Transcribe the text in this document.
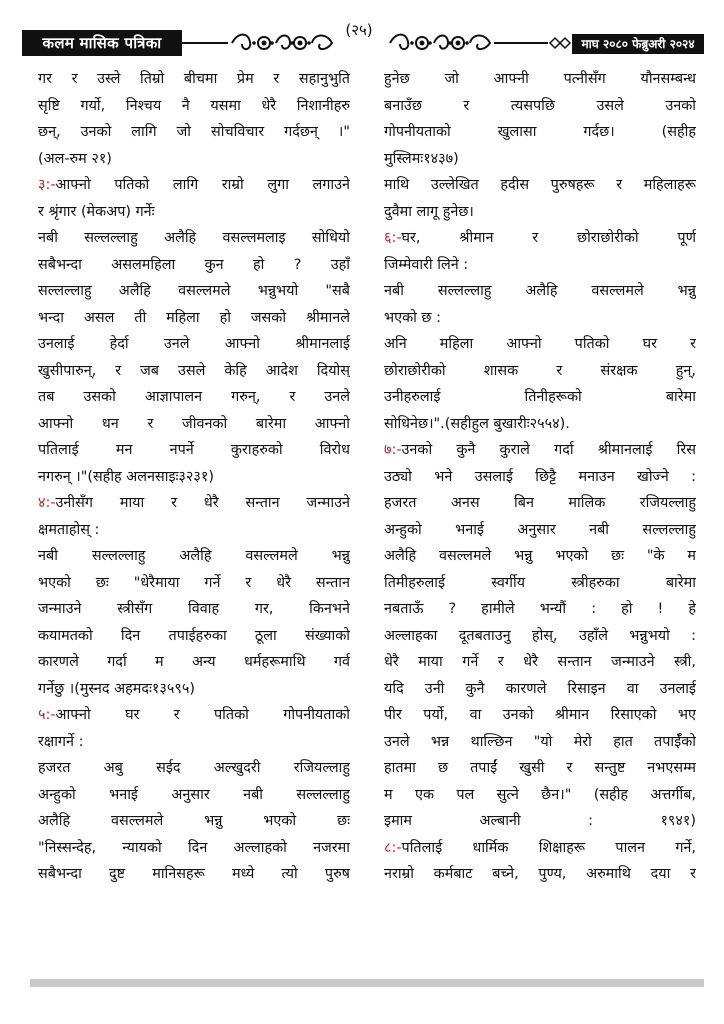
कलम मासिक पत्रिका
(२५)
माघ २०८० फेब्रुअरी २०२४
गर र उस्ले तिम्रो बीचमा प्रेम र सहानुभुति
सृष्टि गर्यो, निश्चय नै यसमा धेरै निशानीहरु
छन्, उनको लागि जो सोचविचार गर्दछन् ।"
(अल-रुम २१)
३:-आफ्नो पतिको लागि राम्रो लुगा लगाउने
र श्रृंगार (मेकअप) गर्नेः
नबी सल्लल्लाहु अलैहि वसल्लमलाइ सोधियो
सबैभन्दा असलमहिला कुन हो ? उहाँ
सल्लल्लाहु अलैहि वसल्लमले भन्नुभयो "सबै
भन्दा असल ती महिला हो जसको श्रीमानले
उनलाई हेर्दा उनले आफ्नो श्रीमानलाई
खुसीपारुन्, र जब उसले केहि आदेश दियोस्
तब उसको आज्ञापालन गरुन्, र उनले
आफ्नो धन र जीवनको बारेमा आफ्नो
पतिलाई मन नपर्ने कुराहरुको विरोध
नगरुन् ।"(सहीह अलनसाइः३२३१)
४:-उनीसँग माया र धेरै सन्तान जन्माउने
क्षमताहोस् :
नबी सल्लल्लाहु अलैहि वसल्लमले भन्नु
भएको छः "धेरैमाया गर्ने र धेरै सन्तान
जन्माउने स्त्रीसँग विवाह गर, किनभने
कयामतको दिन तपाईहरुका ठूला संख्याको
कारणले गर्दा म अन्य धर्महरूमाथि गर्व
गर्नेछु ।(मुस्नद अहमदः१३५९५)
५:-आफ्नो घर र पतिको गोपनीयताको
रक्षागर्ने :
हजरत अबु सईद अल्खुदरी रजियल्लाहु
अन्हुको भनाई अनुसार नबी सल्लल्लाहु
अलैहि वसल्लमले भन्नु भएको छः
"निस्सन्देह, न्यायको दिन अल्लाहको नजरमा
सबैभन्दा दुष्ट मानिसहरू मध्ये त्यो पुरुष
हुनेछ जो आफ्नी पत्नीसँग यौनसम्बन्ध
बनाउँछ र त्यसपछि उसले उनको
गोपनीयताको खुलासा गर्दछ। (सहीह
मुस्लिमः१४३७)
माथि उल्लेखित हदीस पुरुषहरू र महिलाहरू
दुवैमा लागू हुनेछ।
६:-घर, श्रीमान र छोराछोरीको पूर्ण
जिम्मेवारी लिने :
नबी सल्लल्लाहु अलैहि वसल्लमले भन्नु
भएको छ :
अनि महिला आफ्नो पतिको घर र
छोराछोरीको शासक र संरक्षक हुन्,
उनीहरुलाई तिनीहरूको बारेमा
सोधिनेछ।".(सहीहुल बुखारीः२५५४).
७:-उनको कुनै कुराले गर्दा श्रीमानलाई रिस
उठ्यो भने उसलाई छिट्टै मनाउन खोज्ने :
हजरत अनस बिन मालिक रजियल्लाहु
अन्हुको भनाई अनुसार नबी सल्लल्लाहु
अलैहि वसल्लमले भन्नु भएको छः "के म
तिमीहरुलाई स्वर्गीय स्त्रीहरुका बारेमा
नबताऊँ ? हामीले भन्यौं : हो ! हे
अल्लाहका दूतबताउनु होस्, उहाँले भन्नुभयो :
धेरै माया गर्ने र धेरै सन्तान जन्माउने स्त्री,
यदि उनी कुनै कारणले रिसाइन वा उनलाई
पीर पर्यो, वा उनको श्रीमान रिसाएको भए
उनले भन्न थाल्छिन "यो मेरो हात तपाईँको
हातमा छ तपाईं खुसी र सन्तुष्ट नभएसम्म
म एक पल सुत्ने छैन।" (सहीह अत्तर्गीब,
इमाम अल्बानी : १९४१)
८:-पतिलाई धार्मिक शिक्षाहरू पालन गर्ने,
नराम्रो कर्मबाट बच्ने, पुण्य, अरुमाथि दया र
